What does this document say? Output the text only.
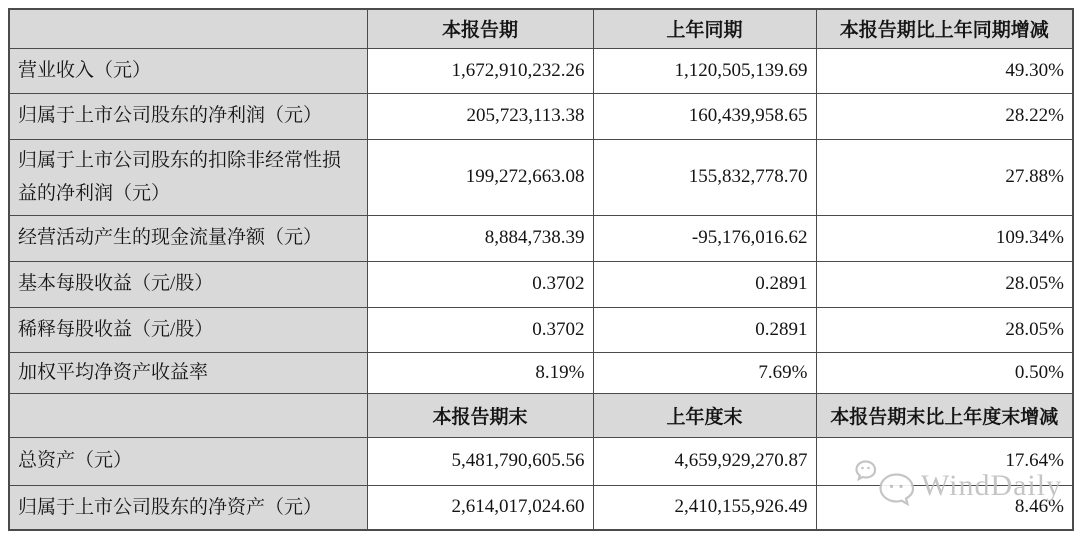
	本报告期	上年同期	本报告期比上年同期增减
营业收入（元）	1,672,910,232.26	1,120,505,139.69	49.30%
归属于上市公司股东的净利润（元）	205,723,113.38	160,439,958.65	28.22%
归属于上市公司股东的扣除非经常性损益的净利润（元）	199,272,663.08	155,832,778.70	27.88%
经营活动产生的现金流量净额（元）	8,884,738.39	-95,176,016.62	109.34%
基本每股收益（元/股）	0.3702	0.2891	28.05%
稀释每股收益（元/股）	0.3702	0.2891	28.05%
加权平均净资产收益率	8.19%	7.69%	0.50%
	本报告期末	上年度末	本报告期末比上年度末增减
总资产（元）	5,481,790,605.56	4,659,929,270.87	17.64%
归属于上市公司股东的净资产（元）	2,614,017,024.60	2,410,155,926.49	8.46%
WindDaily
